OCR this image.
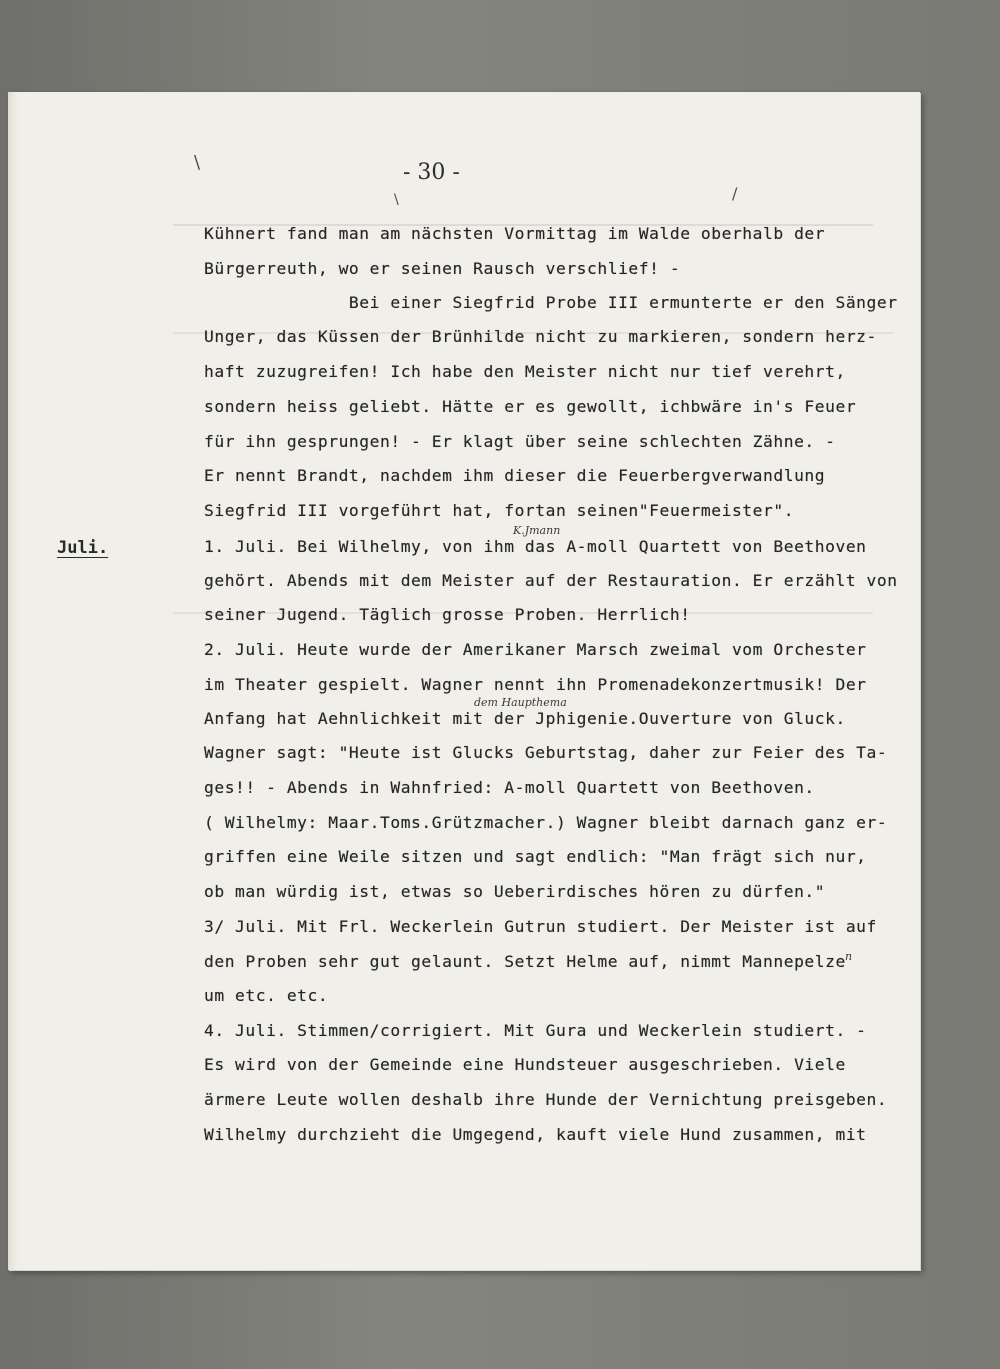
- 30 -
\
\	/
Juli.
K.Jmann
dem Haupthema
n
Kühnert fand man am nächsten Vormittag im Walde oberhalb der
Bürgerreuth, wo er seinen Rausch verschlief! -
Bei einer Siegfrid Probe III ermunterte er den Sänger
Unger, das Küssen der Brünhilde nicht zu markieren, sondern herz-
haft zuzugreifen! Ich habe den Meister nicht nur tief verehrt,
sondern heiss geliebt. Hätte er es gewollt, ichbwäre in's Feuer
für ihn gesprungen! - Er klagt über seine schlechten Zähne. -
Er nennt Brandt, nachdem ihm dieser die Feuerbergverwandlung
Siegfrid III vorgeführt hat, fortan seinen"Feuermeister".
1. Juli. Bei Wilhelmy, von ihm das A-moll Quartett von Beethoven
gehört. Abends mit dem Meister auf der Restauration. Er erzählt von
seiner Jugend. Täglich grosse Proben. Herrlich!
2. Juli. Heute wurde der Amerikaner Marsch zweimal vom Orchester
im Theater gespielt. Wagner nennt ihn Promenadekonzertmusik! Der
Anfang hat Aehnlichkeit mit der Jphigenie.Ouverture von Gluck.
Wagner sagt: "Heute ist Glucks Geburtstag, daher zur Feier des Ta-
ges!! - Abends in Wahnfried: A-moll Quartett von Beethoven.
( Wilhelmy: Maar.Toms.Grützmacher.) Wagner bleibt darnach ganz er-
griffen eine Weile sitzen und sagt endlich: "Man frägt sich nur,
ob man würdig ist, etwas so Ueberirdisches hören zu dürfen."
3/ Juli. Mit Frl. Weckerlein Gutrun studiert. Der Meister ist auf
den Proben sehr gut gelaunt. Setzt Helme auf, nimmt Mannepelze
um etc. etc.
4. Juli. Stimmen/corrigiert. Mit Gura und Weckerlein studiert. -
Es wird von der Gemeinde eine Hundsteuer ausgeschrieben. Viele
ärmere Leute wollen deshalb ihre Hunde der Vernichtung preisgeben.
Wilhelmy durchzieht die Umgegend, kauft viele Hund zusammen, mit
